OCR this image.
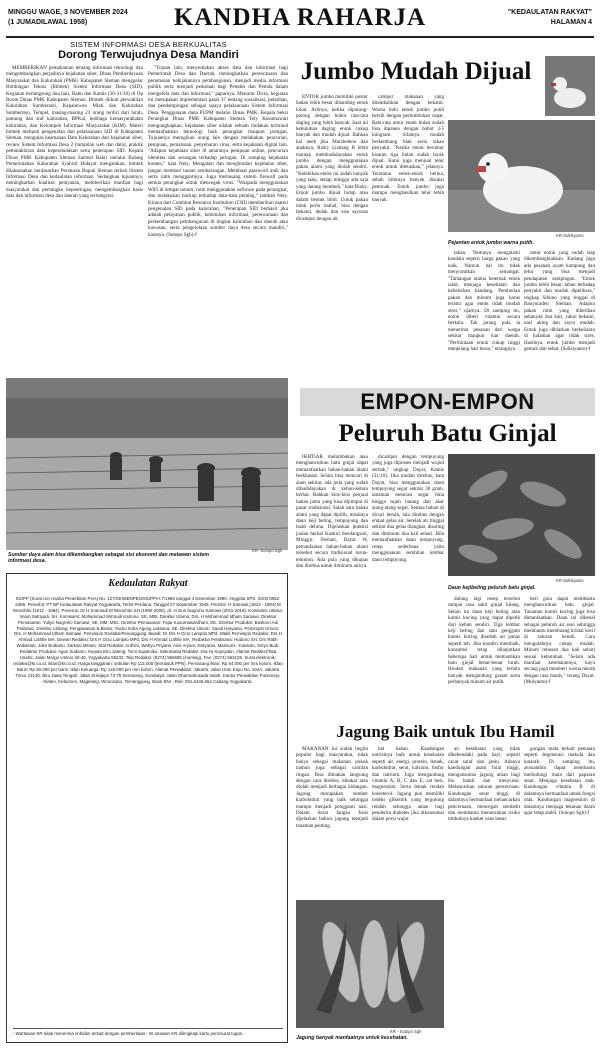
MINGGU WAGE, 3 NOVEMBER 2024
(1 JUMADILAWAL 1958)	KANDHA RAHARJA	"KEDAULATAN RAKYAT"
HALAMAN 4
SISTEM INFORMASI DESA BERKUALITAS
Dorong Terwujudnya Desa Mandiri

MEMBERIKAN pemahaman tentang informasi teknologi dan mengembangkan perjadinya kejahatan siber, Dinas Pemberdayaan Masyarakat dan Kalurahan (PMK) Kabupaten Sleman menggelar Bimbingan Teknis (Bimtek) Sistem Informasi Desa (SID). Kegiatan berlangsung dua hari, Rabu dan Kamis (30-31/10) di Op Room Dinas PMK Kabupaten Sleman. Bimtek diikuti perwakilan Kalurahan Sumberasri, Kapanewon Mlati dan Kalurahan Sumberrejo, Tempel, masing-masing 23 orang terdiri dari lurah, pamong dan staf kalurahan, BPKal, lembaga kemasyarakatan kalurahan, dan Kelompok Informasi Masyarakat (KIM). Materi bimtek meliputi pengenalan dan pelaksanaan SID di Kabupaten Sleman, mengulas keamanan Data Kalurahan dari kejahatan siber, review Sistem Informasi Desa 2 (tampilan web dan data), praktik pemutakhiran data kependudukan serta penerapan SID. Kepala Dinas PMK Kabupaten Sleman Samsul Bakri melalui Bidang Pemerintahan Kalurahan Syahrul Hidayat mengatakan, bimtek dilaksanakan berdasarkan Peraturan Bupati Sleman terkait Sistem Informasi Desa dan kedaulatan informasi. Sedangkan tujuannya, meningkatkan kualitas pelayanan, memberikan manfaat bagi masyarakat dan pemangku kepentingan, mengembangkan basis data dan informasi desa dan daerah yang terintegrasi.

"Tujuan lain, menyediakan akses data dan informasi bagi Pemerintah Desa dan Daerah, meningkatkan perencanaan dan perumusan kebijakannya pembangunan, menjadi media informasi publik serta menjadi pedoman bagi Pemdes dan Pemda dalam mengelola data dan informasi," paparnya. Menurut Dicta, kegiatan ini merupakan implementasi pasal 37 tentang sosialisasi, pelatihan, dan pendampingan sebagai upaya pelaksanaan Sistem Informasi Desa. Penggunaan dana PUPM melalui Dinas PMK. Kepala Seksi Perangkat Dinas PMK Kabupaten Sleman Tety Kusumawati mengungkapkan, kejahatan siber adalah sebuah tindakan kriminal memanfaatkan teknologi baik perangkat maupun jaringan. Tujuannya merugikan orang lain dengan melakukan pencurian, penipuan, pemalsuan, penyebaran virus, serta kejahatan digital lain. "Adapun kejahatan siber di antaranya penipuan online, pencurian identitas dan serangan terhadap jaringan. Di samping kejahatan konten," kata Nety. Mengatasi dan menghindari kejahatan siber, jangan memberi tautan sembarangan. Membuat password unik dan serta rutin menggantinya. Juga memasang sistem firewall pada semua perangkat untuk mencegah virus. "Waspada menggunakan WiFi di tempat umum, rutin menggunakan software pada perangkat, dan melakukan backup terhadap data-data penting," tambah Nety. Kirana dari Combine Resource Institution (CRI) memberikan materi pengenalan SID pada kalurahan. "Penerapan SID berhasil jika adalah pelayanan publik, kebutuhan informasi, perencanaan dan perkembangan pembangunan di tingkat kalurahan dan daerah atau kawasan, serta pengelolaan sumber daya desa secara mandiri," katanya. (Sutopo Sgh)-f

Sumber daya alam bisa dikembangkan sebagai sisi ekonomi dan melawan sistem informasi desa.
KR- Sutopo Sgh
Kedaulatan Rakyat

SIUPP (Surat Izin Usaha Penerbitan Pers) No. 127/SK/MENPEN/SIUPP/A.7/1986 tanggal 4 Desember 1990, Anggota SPS. ISSN 0852-6486. Penerbit: PT BP Kedaulatan Rakyat Yogyakarta, Terbit Perdana: Tanggal 27 September 1945. Perintis: H Samawi (1913 - 1984) M Wonohito (1912 - 1984). Penerus: Dr H Soemadi M Wonohito SH (1980-2000), dr. H Gun Nugroho Samawi (2011-2019). Komisaris Utama: Imam Satriyadi, SH. Komisaris: Mohammad Wirmudi Kartono, SE, MIB. Direktur Utama: Drs. H Mohammad Idham Samawi. Direktur Pemasaran: Yuliyo Nugroho Samawi, SE, MM, MSc. Direktur Pemasaran: Fajar Kusumawardhani, SE. Direktur Produksi: Baskoro Adi Prabowo. Direktur Litbang, Pengawasan & Bisnis: Yacko Indra Agung Laksana, SE. Direktur Umum: Sasdi Haryanto. Pemimpin Umum: Drs. H Mohammad Idham Samawi. Pemimpin Redaksi/Penanggung Jawab: Dr Drs H Octo Lampito MPd. Wakil Pemimpin Redaksi: Drs H Ahmad Luthfie MA. Dewan Redaksi: Drs H Octo Lampito MPd, Drs H Ahmad Luthfie MA. Redaktur Pelaksana: Hudono SH, Drs Ratih Widiastuti, Joko Budiarto, Zarkasi MHum. Staf Redaksi: Ardhini, Wahyu Priyanti, Anis Aryani, Daryanto, Mansuris, Yuwanto, Setyo Budi. Redaktur Produksi: Agus Sudarso. Kepala Biro Jateng: Tomi Sujatmiko. Sekretariat Redaksi: Dra Hj Supriyatin. Alamat Redaksi/Tata Usaha: Jalan Margo Utomo 40-46, Yogyakarta 55232. Telp Redaksi: (0274) 565685 (Hunting). Fax: (0274) 563125. Surat elektronik: redaksi@kr.co.id, iklan@kr.co.id. Harga langganan: sebulan Rp 113.000 (termasuk PPN). Pemasang iklan: Rp 64.000 per mm kolom. Iklan Baris: Rp 60.000 per baris. Iklan Keluarga: Rp 125.000 per mm kolom. Alamat Perwakilan: Jakarta: Jalan Utan Kayu No. 104A, Jakarta Timur 13120. Biro Jawa Tengah: Jalan Sriwijaya 73-75 Semarang. Surabaya: Jalan Dharmahusada Indah. Kantor Perwakilan Purworejo, Klaten, Kebumen, Magelang, Wonosobo, Temanggung. Bank BNI - Rek: 001.6446.654 Cabang Yogyakarta.

- Wartawan KR tidak menerima imbalan terkait dengan pemberitaan - W artawan KR dilengkapi kartu pers/surat tugas.
Jumbo Mudah Dijual

ENTOK jumbo memiliki postur badan lebih besar dibanding entok lokal. Artinya, ketika dipotong-potong dengan bobot rata-rata daging yang lebih banyak. Saat ini kebutuhan daging entok cukup banyak dan mudah dijual. Bahkan hal aneh jika Marsheleno dan anaknya, Rizky Listiang R lebih mantap membudidayakan entok jumbo dengan menggunakan pakan alami yang diolah sendiri. "Kelebihan entok ini sudah banyak yang tahu, setiap minggu ada saja yang datang membeli," kata Rizky. Entok jumbo dijual hidup atau dalam bentuk bibit. Untuk pakan tidak perlu mahal, bisa dengan bekatul, dedak dan sisa sayuran dicampur dengan air.

campur makanan yang ditambahkan dengan bekatul. Warna bulu entok jumbo putih bersih dengan pertumbuhan cepat. Rata-rata umur enam bulan sudah bisa dipanen dengan bobot 3-5 kilogram. Sifatnya mudah berkembang biak serta tahan penyakit. "Ketika entok berumur kisaran tiga bulan sudah layak dijual. Kami juga menjual telur entok untuk ditetaskan," jelasnya. Terutama entok-entok betina, sebab bibitnya banyak disukai peternak. Entok jumbo juga mampu menghasilkan telur lebih banyak.

KR-Sulistyanto
Pejantan entok jumbo warna putih.

takan. Tentunya mengalami kendala seperti harga pakan yang naik. Namun hal itu tidak menyurutkan semangat. "Tantangan utama beternak entok ialah menjaga kesehatan dan kebersihan kandang. Pemberian pakan dan minum juga harus teratur agar entok tidak mudah stres," ujarnya. Di samping itu, entok diberi vitamin secara berkala. Tak jarang pula ia menerima pesanan dari warga sekitar maupun luar daerah. "Permintaan entok cukup tinggi menjelang hari besar," terangnya.

umur entok yang sudah siap dikembangbiakkan. Kadang juga ada pesanan ayam kampung dan telur yang bisa menjadi pendapatan sampingan. "Entok jumbo lebih besar, tahan terhadap penyakit dan mudah dipelihara," ungkap Sihono yang tinggal di Banyuraden Sleman. Adapun pakan rutin yang diberikan sebanyak dua kali, yakni bekatul, nasi aking dan sayur mudah. Entok juga dibiarkan berkeliaran di halaman agar tidak stres. Hasilnya, entok jumbo menjadi gemuk dan sehat. (Sulistyanto)-f

EMPON-EMPON
Peluruh Batu Ginjal

IKHTIAR melumbukan atau menghancurkan batu ginjal dapat memanfaatkan bahan-bahan alami berkhasiat. Selain bisa mencari di alam sekitar, ada pula yang sudah dibudidayakan di kebun-kebun herbal. Bahkan kios-kios penjual bahan jamu yang bisa dijumpai di pasar tradisional. Salah satu bahan alami yang dapat dipilih, misalnya daun keji beling, tempuyung dan buah delima. Dijelaskan praktisi jualan herbal Kasturi Sendangsari, Minggir, Sleman, Dayat W, pemanfaatan bahan-bahan alami tersebut secara tradisional turun-temurun. Ada pula yang dikupas dan direbus untuk diminum airnya.

dicampur dengan tempuyung yang juga diproses menjadi wujud serbuk," ungkap Dayat, Kamis (31/10). Jika mudah direbus, kata Dayat, bisa menggunakan daun tempuyung segar sekitar 30 gram, tanaman meniran segar lima hingga tujuh batang dan akar alang-alang segar. Semua bahan di dicuci bersih, lalu direbus dengan empat gelas air. Setelah air tinggal sekitar dua gelas diangkat, disaring dan diminum dua kali sehari. Bila memanfaatkan daun tempuyung, resep sederhana yaitu menggunakan sembilan lembar daun tempuyung.

KR-Sulistyanto
Daun kejibeling peluruh batu ginjal.

dulang lagi resep tersebut sampai rasa sakit ginjal hilang. Selain itu daun keji beling atau kumis kucing yang dapat dipetik dari kebun sendiri. Tiga lembar keji beling dan satu genggam kumis kucing diseduh air panas seperti teh. Jika kondisi membaik, konsumsi tetap dilanjutkan beberapa hari untuk memastikan batu ginjal benar-benar luruh. Hindari makanan yang terlalu banyak mengandung garam serta perbanyak minum air putih.

beri gula dapat membantu menghancurkan batu ginjal. Tanaman kumis kucing juga bisa dimanfaatkan. Daun ini dikenal sebagai peluruh air seni sehingga membantu membuang kristal kecil di saluran kemih. Cara mengolahnya cukup mudah. Minum rebusan dua kali sehari sesuai kebutuhan. "Selain ada manfaat kesehatannya, kayu secang juga memberi warna merah dengan rasa manis," terang Dayat. (Mulyanto)-f

Jagung Baik untuk Ibu Hamil

MAKANAN ini sudah begitu populer bagi masyarakat, tidak hanya sebagai makanan pokok namun juga sebagai camilan ringan. Bisa dimakan langsung dengan cara direbus, dibakar atau diolah menjadi berbagai hidangan. Jagung merupakan sumber karbohidrat yang baik sehingga mampu menjadi pengganti nasi. Dalam Serat Jangka Jossi dijelaskan bahwa jagung menjadi tanaman penting.

hat bahan. Kandungan nutrisinya baik untuk kesehatan seperti air, energi, protein, lemak, karbohidrat, serat, kalsium, fosfor dan natrium. Juga mengandung vitamin A, B, C dan E, zat besi, magnesium. Serta lemak rendah kolesterol. Jagung pun memiliki indeks glikemik yang tergolong rendah sehingga aman bagi penderita diabetes jika dikonsumsi dalam porsi wajar.

an kesehatan yang tidak dikehendaki pada bayi, seperti cacat saraf dan janin. Adanya kandungan asam folat tinggi, mengonsumsi jagung aman bagi ibu hamil dan menyusui. Melancarkan saluran pencernaan. Kandungan serat tinggi di dalamnya bermanfaat melancarkan pencernaan, mencegah sembelit dan membantu menurunkan risiko timbulnya kanker usus besar.

gungan mata terkait penuaan seperti degenerasi makula dan katarak. Di samping itu, zeaxanthin dapat membantu melindungi mata dari paparan sinar. Menjaga kesehatan otak. Kandungan vitamin B di dalamnya bermanfaat untuk fungsi otak. Kandungan magnesium di dalamnya menjaga tekanan darah agar tetap stabil. (Sutopo Sgh)-f

KR - Sutopo Sgh
Jagung banyak manfaatnya untuk kesehatan.
